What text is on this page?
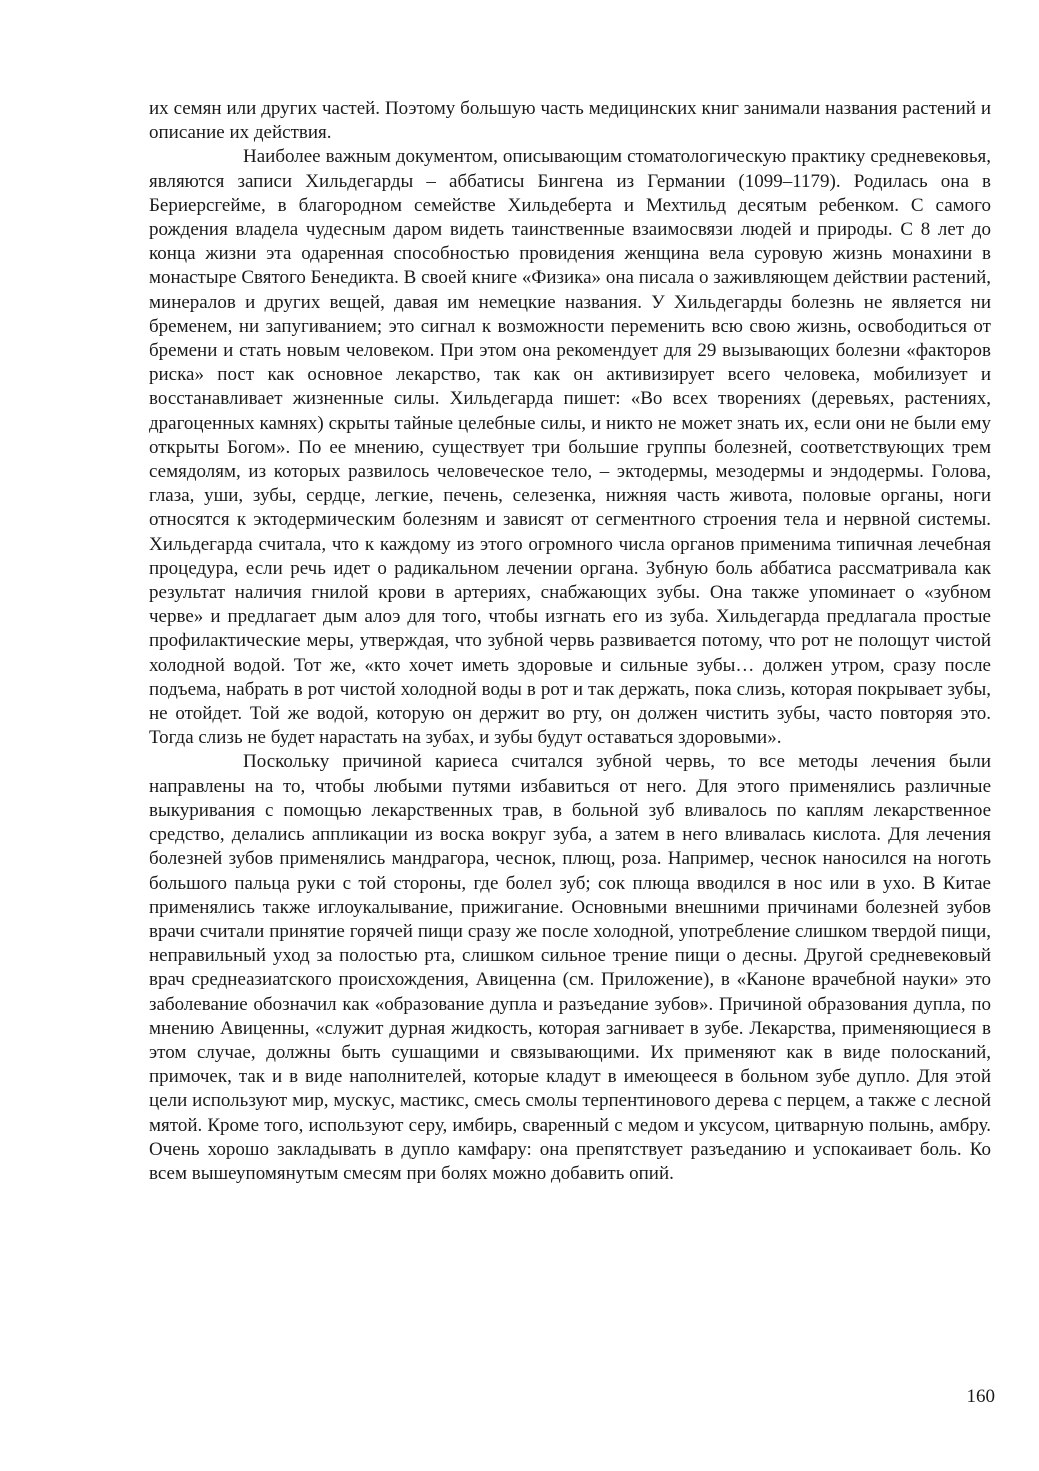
их семян или других частей. Поэтому большую часть медицинских книг занимали названия растений и описание их действия.

Наиболее важным документом, описывающим стоматологическую практику средневековья, являются записи Хильдегарды – аббатисы Бингена из Германии (1099–1179). Родилась она в Бериерсгейме, в благородном семействе Хильдеберта и Мехтильд десятым ребенком. С самого рождения владела чудесным даром видеть таинственные взаимосвязи людей и природы. С 8 лет до конца жизни эта одаренная способностью провидения женщина вела суровую жизнь монахини в монастыре Святого Бенедикта. В своей книге «Физика» она писала о заживляющем действии растений, минералов и других вещей, давая им немецкие названия. У Хильдегарды болезнь не является ни бременем, ни запугиванием; это сигнал к возможности переменить всю свою жизнь, освободиться от бремени и стать новым человеком. При этом она рекомендует для 29 вызывающих болезни «факторов риска» пост как основное лекарство, так как он активизирует всего человека, мобилизует и восстанавливает жизненные силы. Хильдегарда пишет: «Во всех творениях (деревьях, растениях, драгоценных камнях) скрыты тайные целебные силы, и никто не может знать их, если они не были ему открыты Богом». По ее мнению, существует три большие группы болезней, соответствующих трем семядолям, из которых развилось человеческое тело, – эктодермы, мезодермы и эндодермы. Голова, глаза, уши, зубы, сердце, легкие, печень, селезенка, нижняя часть живота, половые органы, ноги относятся к эктодермическим болезням и зависят от сегментного строения тела и нервной системы. Хильдегарда считала, что к каждому из этого огромного числа органов применима типичная лечебная процедура, если речь идет о радикальном лечении органа. Зубную боль аббатиса рассматривала как результат наличия гнилой крови в артериях, снабжающих зубы. Она также упоминает о «зубном черве» и предлагает дым алоэ для того, чтобы изгнать его из зуба. Хильдегарда предлагала простые профилактические меры, утверждая, что зубной червь развивается потому, что рот не полощут чистой холодной водой. Тот же, «кто хочет иметь здоровые и сильные зубы… должен утром, сразу после подъема, набрать в рот чистой холодной воды в рот и так держать, пока слизь, которая покрывает зубы, не отойдет. Той же водой, которую он держит во рту, он должен чистить зубы, часто повторяя это. Тогда слизь не будет нарастать на зубах, и зубы будут оставаться здоровыми».

Поскольку причиной кариеса считался зубной червь, то все методы лечения были направлены на то, чтобы любыми путями избавиться от него. Для этого применялись различные выкуривания с помощью лекарственных трав, в больной зуб вливалось по каплям лекарственное средство, делались аппликации из воска вокруг зуба, а затем в него вливалась кислота. Для лечения болезней зубов применялись мандрагора, чеснок, плющ, роза. Например, чеснок наносился на ноготь большого пальца руки с той стороны, где болел зуб; сок плюща вводился в нос или в ухо. В Китае применялись также иглоукалывание, прижигание. Основными внешними причинами болезней зубов врачи считали принятие горячей пищи сразу же после холодной, употребление слишком твердой пищи, неправильный уход за полостью рта, слишком сильное трение пищи о десны. Другой средневековый врач среднеазиатского происхождения, Авиценна (см. Приложение), в «Каноне врачебной науки» это заболевание обозначил как «образование дупла и разъедание зубов». Причиной образования дупла, по мнению Авиценны, «служит дурная жидкость, которая загнивает в зубе. Лекарства, применяющиеся в этом случае, должны быть сушащими и связывающими. Их применяют как в виде полосканий, примочек, так и в виде наполнителей, которые кладут в имеющееся в больном зубе дупло. Для этой цели используют мир, мускус, мастикс, смесь смолы терпентинового дерева с перцем, а также с лесной мятой. Кроме того, используют серу, имбирь, сваренный с медом и уксусом, цитварную полынь, амбру. Очень хорошо закладывать в дупло камфару: она препятствует разъеданию и успокаивает боль. Ко всем вышеупомянутым смесям при болях можно добавить опий.

160
